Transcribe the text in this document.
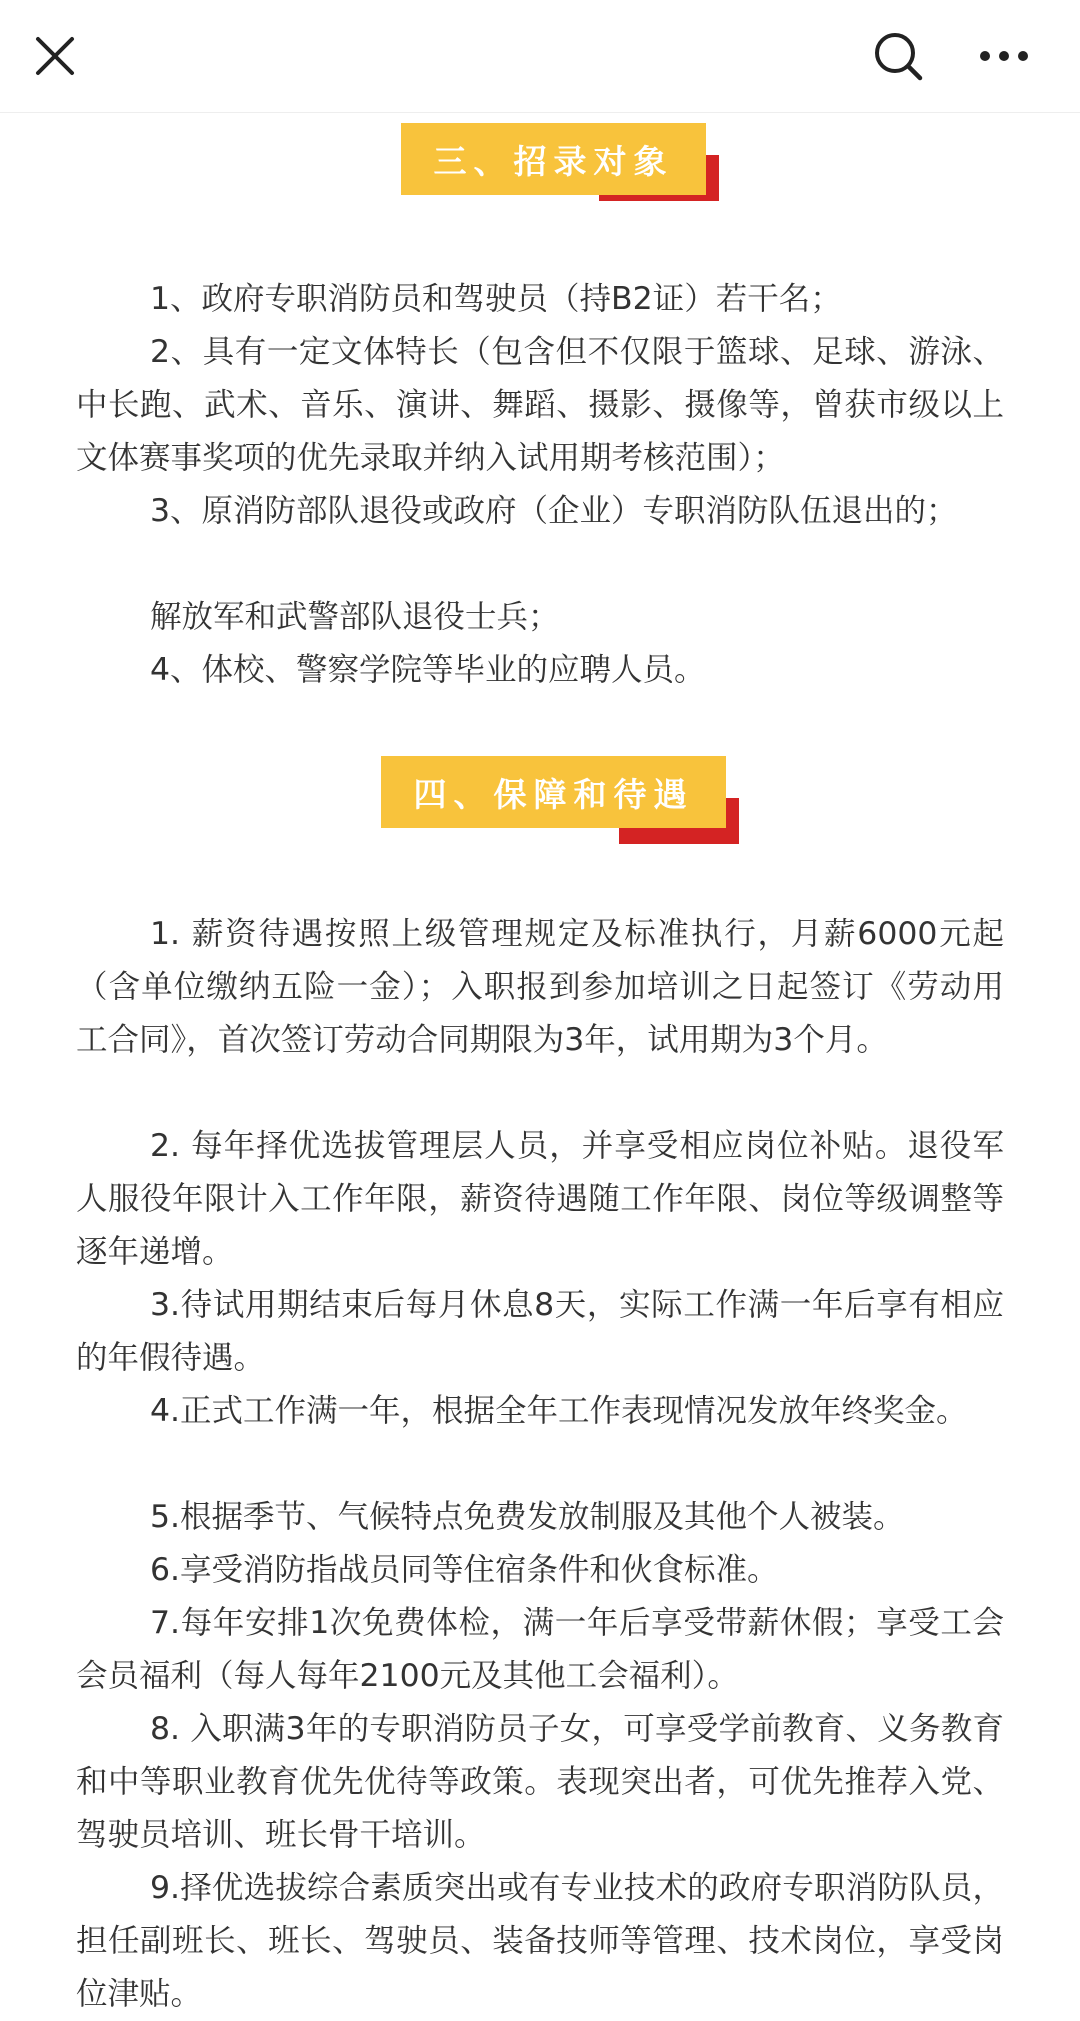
三、招录对象

1、政府专职消防员和驾驶员（持B2证）若干名；

2、具有一定文体特长（包含但不仅限于篮球、足球、游泳、中长跑、武术、音乐、演讲、舞蹈、摄影、摄像等，曾获市级以上文体赛事奖项的优先录取并纳入试用期考核范围）；

3、原消防部队退役或政府（企业）专职消防队伍退出的；

解放军和武警部队退役士兵；

4、体校、警察学院等毕业的应聘人员。

四、保障和待遇

1. 薪资待遇按照上级管理规定及标准执行，月薪6000元起（含单位缴纳五险一金）；入职报到参加培训之日起签订《劳动用工合同》，首次签订劳动合同期限为3年，试用期为3个月。

2. 每年择优选拔管理层人员，并享受相应岗位补贴。退役军人服役年限计入工作年限，薪资待遇随工作年限、岗位等级调整等逐年递增。

3.待试用期结束后每月休息8天，实际工作满一年后享有相应的年假待遇。

4.正式工作满一年，根据全年工作表现情况发放年终奖金。

5.根据季节、气候特点免费发放制服及其他个人被装。

6.享受消防指战员同等住宿条件和伙食标准。

7.每年安排1次免费体检，满一年后享受带薪休假；享受工会会员福利（每人每年2100元及其他工会福利）。

8. 入职满3年的专职消防员子女，可享受学前教育、义务教育和中等职业教育优先优待等政策。表现突出者，可优先推荐入党、驾驶员培训、班长骨干培训。

9.择优选拔综合素质突出或有专业技术的政府专职消防队员，担任副班长、班长、驾驶员、装备技师等管理、技术岗位，享受岗位津贴。
